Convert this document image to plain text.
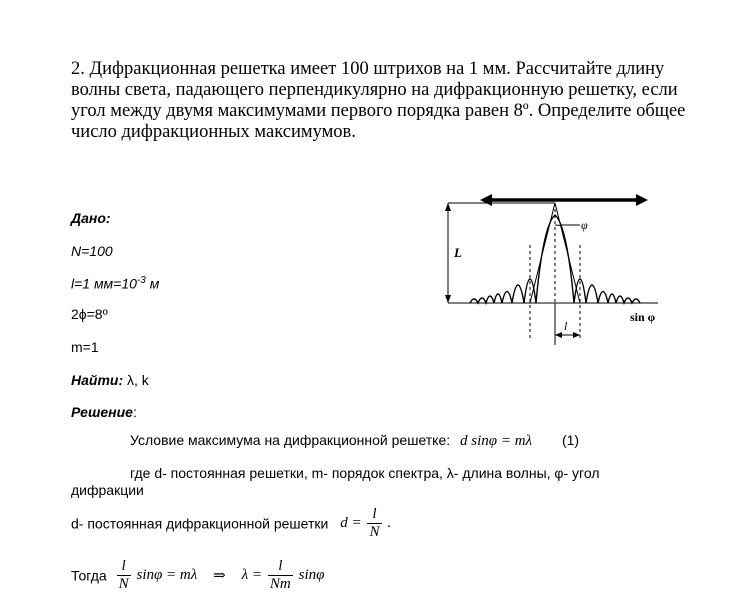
2. Дифракционная решетка имеет 100 штрихов на 1 мм. Рассчитайте длину волны света, падающего перпендикулярно на дифракционную решетку, если угол между двумя максимумами первого порядка равен 8º. Определите общее число дифракционных максимумов.
Дано:
N=100
l=1 $мм=10^{-3}$ м
2ϕ=8º
m=1
Найти: λ, k
Решение:
Условие максимума на дифракционной решетке: d sinφ = mλ (1)
где d- постоянная решетки, m- порядок спектра, λ- длина волны, φ- угол
дифракции
d- постоянная дифракционной решетки $d = \frac{l}{N}$ .
Тогда $\frac{l}{N}$ sinφ = mλ ⇒ $\lambda = \frac{l}{Nm}$ sinφ
L
sin φ
φ
l
